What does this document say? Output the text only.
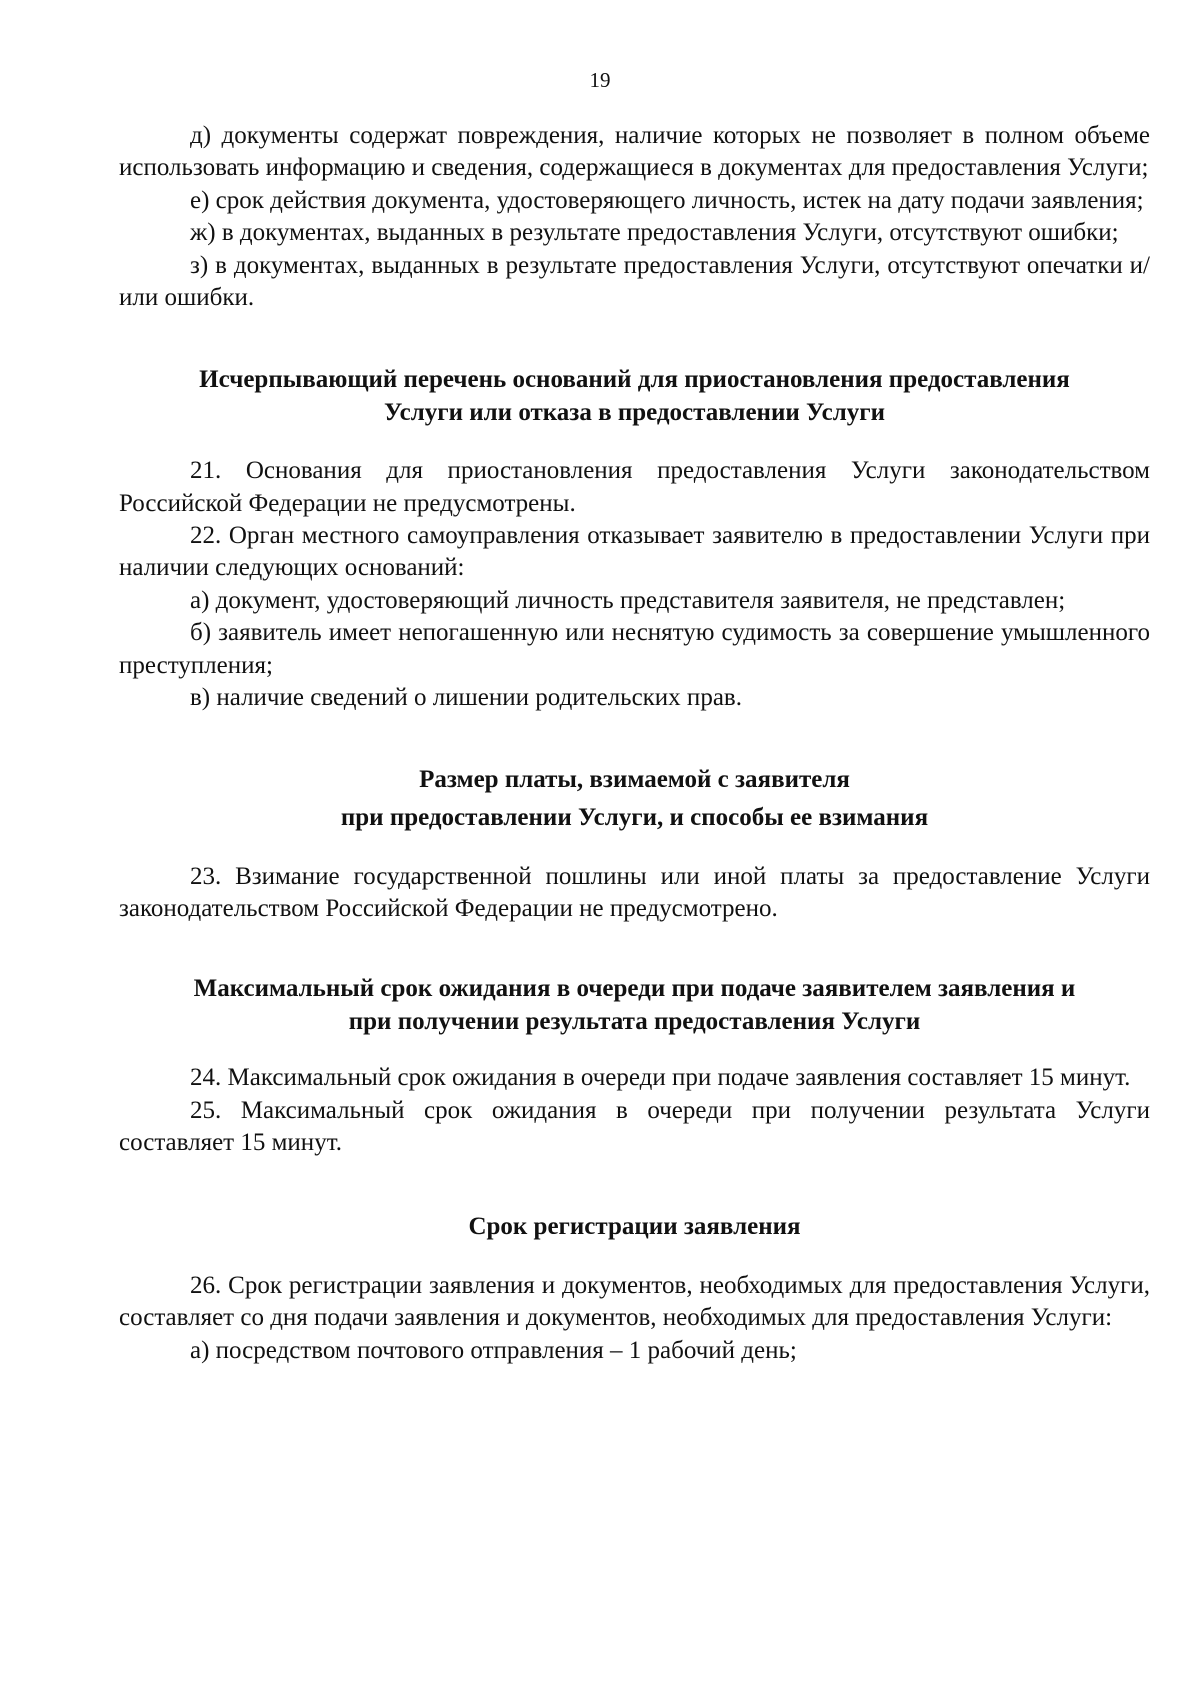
19

д) документы содержат повреждения, наличие которых не позволяет в полном объеме использовать информацию и сведения, содержащиеся в документах для предоставления Услуги;

е) срок действия документа, удостоверяющего личность, истек на дату подачи заявления;

ж) в документах, выданных в результате предоставления Услуги, отсутствуют ошибки;

з) в документах, выданных в результате предоставления Услуги, отсутствуют опечатки и/или ошибки.

Исчерпывающий перечень оснований для приостановления предоставления
Услуги или отказа в предоставлении Услуги

21. Основания для приостановления предоставления Услуги законодательством Российской Федерации не предусмотрены.

22. Орган местного самоуправления отказывает заявителю в предоставлении Услуги при наличии следующих оснований:

а) документ, удостоверяющий личность представителя заявителя, не представлен;

б) заявитель имеет непогашенную или неснятую судимость за совершение умышленного преступления;

в) наличие сведений о лишении родительских прав.

Размер платы, взимаемой с заявителя
при предоставлении Услуги, и способы ее взимания

23. Взимание государственной пошлины или иной платы за предоставление Услуги законодательством Российской Федерации не предусмотрено.

Максимальный срок ожидания в очереди при подаче заявителем заявления и
при получении результата предоставления Услуги

24. Максимальный срок ожидания в очереди при подаче заявления составляет 15 минут.

25. Максимальный срок ожидания в очереди при получении результата Услуги составляет 15 минут.

Срок регистрации заявления

26. Срок регистрации заявления и документов, необходимых для предоставления Услуги, составляет со дня подачи заявления и документов, необходимых для предоставления Услуги:

а) посредством почтового отправления – 1 рабочий день;
